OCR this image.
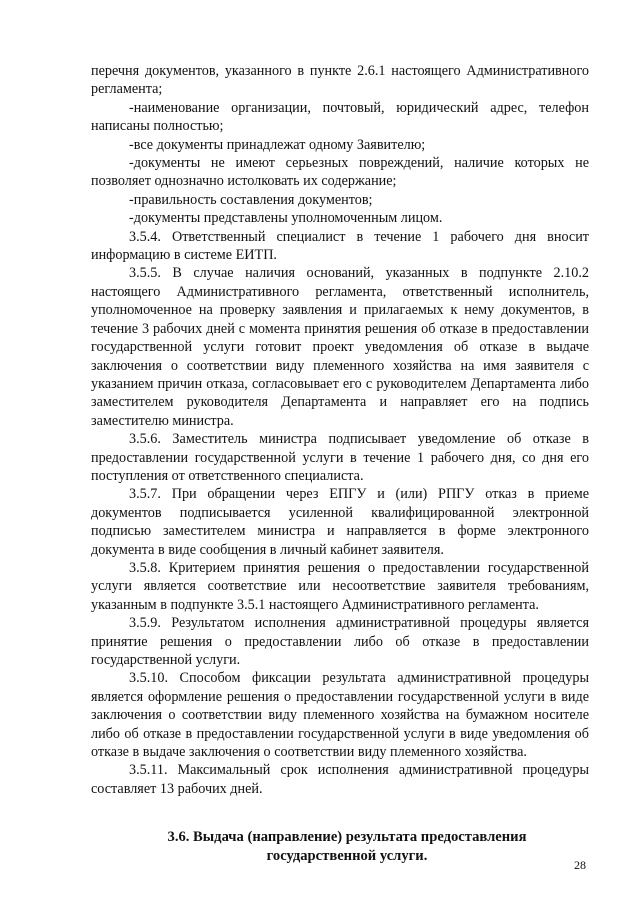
перечня документов, указанного в пункте 2.6.1 настоящего Административного регламента;

-наименование организации, почтовый, юридический адрес, телефон написаны полностью;

-все документы принадлежат одному Заявителю;

-документы не имеют серьезных повреждений, наличие которых не позволяет однозначно истолковать их содержание;

-правильность составления документов;

-документы представлены уполномоченным лицом.

3.5.4. Ответственный специалист в течение 1 рабочего дня вносит информацию в системе ЕИТП.

3.5.5. В случае наличия оснований, указанных в подпункте 2.10.2 настоящего Административного регламента, ответственный исполнитель, уполномоченное на проверку заявления и прилагаемых к нему документов, в течение 3 рабочих дней с момента принятия решения об отказе в предоставлении государственной услуги готовит проект уведомления об отказе в выдаче заключения о соответствии виду племенного хозяйства на имя заявителя с указанием причин отказа, согласовывает его с руководителем Департамента либо заместителем руководителя Департамента и направляет его на подпись заместителю министра.

3.5.6. Заместитель министра подписывает уведомление об отказе в предоставлении государственной услуги в течение 1 рабочего дня, со дня его поступления от ответственного специалиста.

3.5.7. При обращении через ЕПГУ и (или) РПГУ отказ в приеме документов подписывается усиленной квалифицированной электронной подписью заместителем министра и направляется в форме электронного документа в виде сообщения в личный кабинет заявителя.

3.5.8. Критерием принятия решения о предоставлении государственной услуги является соответствие или несоответствие заявителя требованиям, указанным в подпункте 3.5.1 настоящего Административного регламента.

3.5.9. Результатом исполнения административной процедуры является принятие решения о предоставлении либо об отказе в предоставлении государственной услуги.

3.5.10. Способом фиксации результата административной процедуры является оформление решения о предоставлении государственной услуги в виде заключения о соответствии виду племенного хозяйства на бумажном носителе либо об отказе в предоставлении государственной услуги в виде уведомления об отказе в выдаче заключения о соответствии виду племенного хозяйства.

3.5.11. Максимальный срок исполнения административной процедуры составляет 13 рабочих дней.

3.6. Выдача (направление) результата предоставления
государственной услуги.
28
